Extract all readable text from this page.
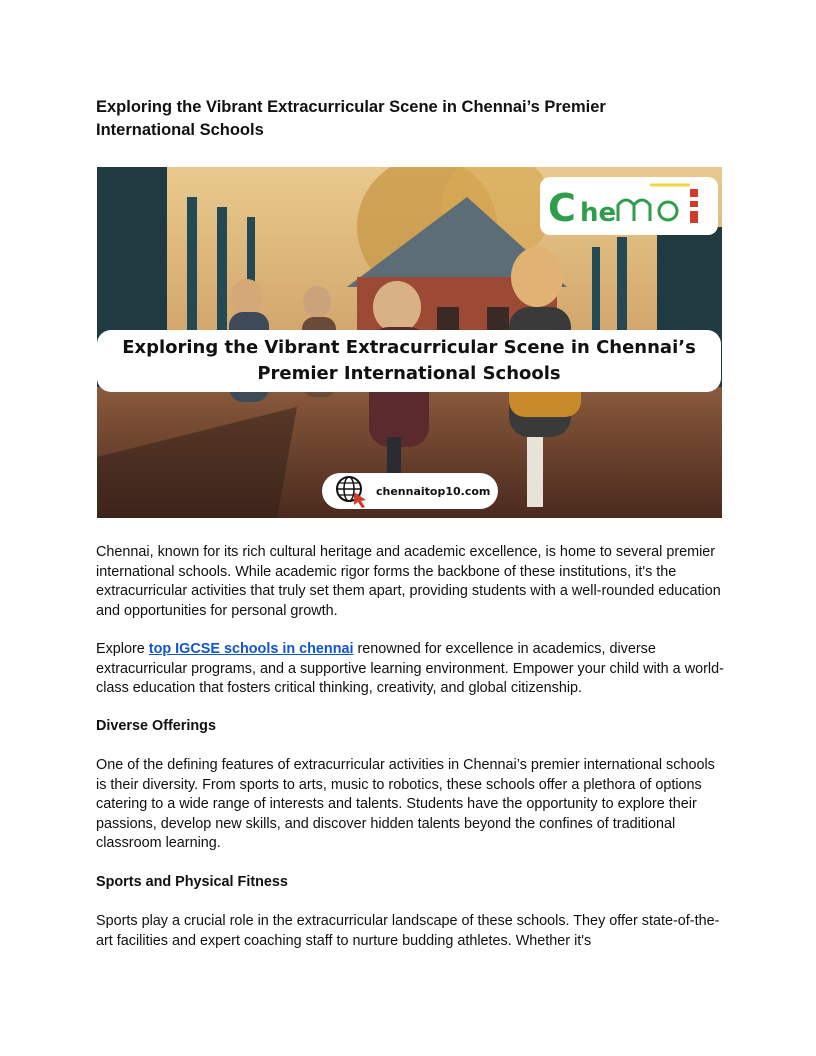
Exploring the Vibrant Extracurricular Scene in Chennai’s Premier International Schools
C he
Exploring the Vibrant Extracurricular Scene in Chennai’s Premier International Schools
chennaitop10.com

Chennai, known for its rich cultural heritage and academic excellence, is home to several premier international schools. While academic rigor forms the backbone of these institutions, it's the extracurricular activities that truly set them apart, providing students with a well-rounded education and opportunities for personal growth.

Explore top IGCSE schools in chennai renowned for excellence in academics, diverse extracurricular programs, and a supportive learning environment. Empower your child with a world-class education that fosters critical thinking, creativity, and global citizenship.

Diverse Offerings

One of the defining features of extracurricular activities in Chennai’s premier international schools is their diversity. From sports to arts, music to robotics, these schools offer a plethora of options catering to a wide range of interests and talents. Students have the opportunity to explore their passions, develop new skills, and discover hidden talents beyond the confines of traditional classroom learning.

Sports and Physical Fitness

Sports play a crucial role in the extracurricular landscape of these schools. They offer state-of-the-art facilities and expert coaching staff to nurture budding athletes. Whether it's
